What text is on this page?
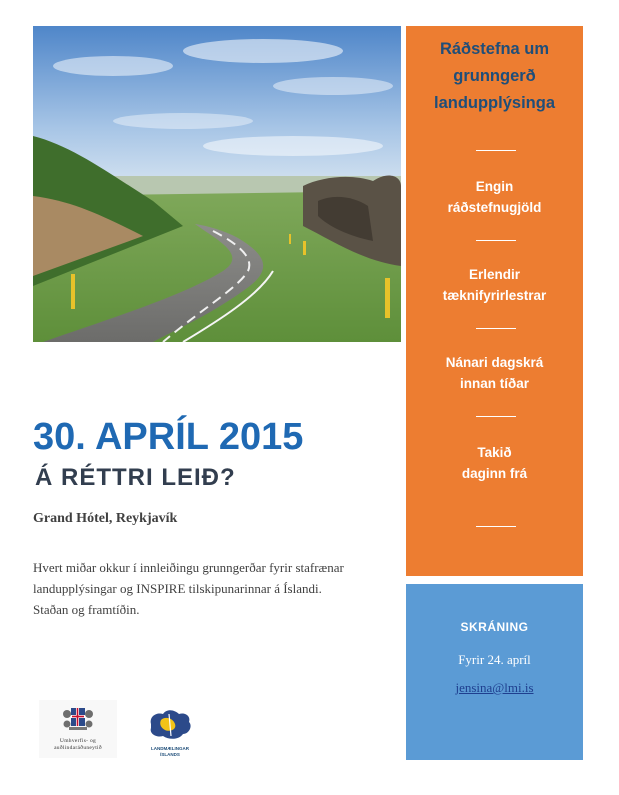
Ráðstefna um
grunngerð
landupplýsinga
Engin
ráðstefnugjöld
Erlendir
tæknifyrirlestrar
Nánari dagskrá
innan tíðar
Takið
daginn frá
SKRÁNING
Fyrir 24. apríl
jensina@lmi.is
30. APRÍL 2015
Á RÉTTRI LEIÐ?
Grand Hótel, Reykjavík
Hvert miðar okkur í innleiðingu grunngerðar fyrir stafrænar
landupplýsingar og INSPIRE tilskipunarinnar á Íslandi.
Staðan og framtíðin.
Umhverfis- og
auðlindaráðuneytið	LANDMÆLINGAR
ÍSLANDS
